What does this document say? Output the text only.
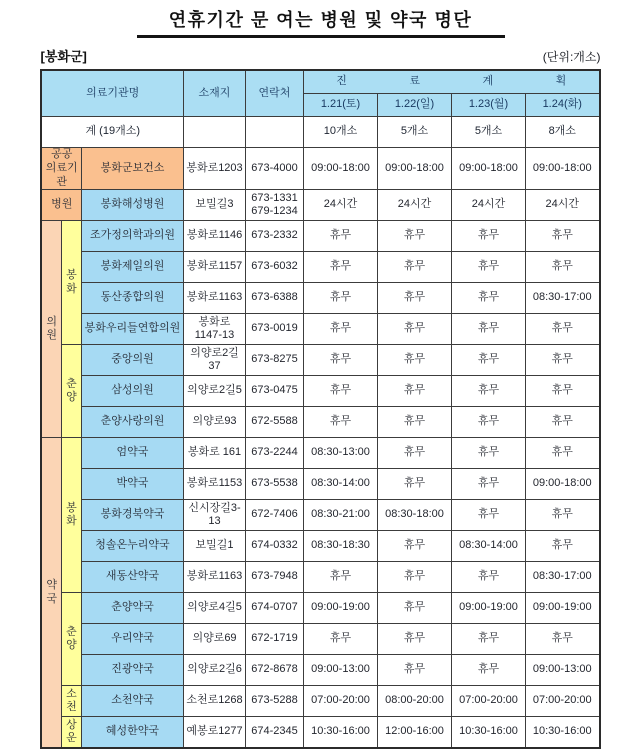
연휴기간 문 여는 병원 및 약국 명단
[봉화군]	(단위:개소)
의료기관명			소재지	연락처	진 료 계 획			

					1.21(토)	1.22(일)	1.23(월)	1.24(화)
계 (19개소)					10개소	5개소	5개소	8개소
공공
의료기관		봉화군보건소	봉화로1203	673-4000	09:00-18:00	09:00-18:00	09:00-18:00	09:00-18:00
병원		봉화해성병원	보밀길3	673-1331
679-1234	24시간	24시간	24시간	24시간
의원	봉화	조가정의학과의원	봉화로1146	673-2332	휴무	휴무	휴무	휴무
		봉화제일의원	봉화로1157	673-6032	휴무	휴무	휴무	휴무
		동산종합의원	봉화로1163	673-6388	휴무	휴무	휴무	08:30-17:00
		봉화우리들연합의원	봉화로1147-13	673-0019	휴무	휴무	휴무	휴무
	춘양	중앙의원	의양로2길37	673-8275	휴무	휴무	휴무	휴무
		삼성의원	의양로2길5	673-0475	휴무	휴무	휴무	휴무
		춘양사랑의원	의양로93	672-5588	휴무	휴무	휴무	휴무
약국	봉화	엄약국	봉화로 161	673-2244	08:30-13:00	휴무	휴무	휴무
		박약국	봉화로1153	673-5538	08:30-14:00	휴무	휴무	09:00-18:00
		봉화경북약국	신시장길3-13	672-7406	08:30-21:00	08:30-18:00	휴무	휴무
		청솔온누리약국	보밀길1	674-0332	08:30-18:30	휴무	08:30-14:00	휴무
		새동산약국	봉화로1163	673-7948	휴무	휴무	휴무	08:30-17:00
	춘양	춘양약국	의양로4길5	674-0707	09:00-19:00	휴무	09:00-19:00	09:00-19:00
		우리약국	의양로69	672-1719	휴무	휴무	휴무	휴무
		진광약국	의양로2길6	672-8678	09:00-13:00	휴무	휴무	09:00-13:00
	소천	소천약국	소천로1268	673-5288	07:00-20:00	08:00-20:00	07:00-20:00	07:00-20:00
	상운	혜성한약국	예봉로1277	674-2345	10:30-16:00	12:00-16:00	10:30-16:00	10:30-16:00
